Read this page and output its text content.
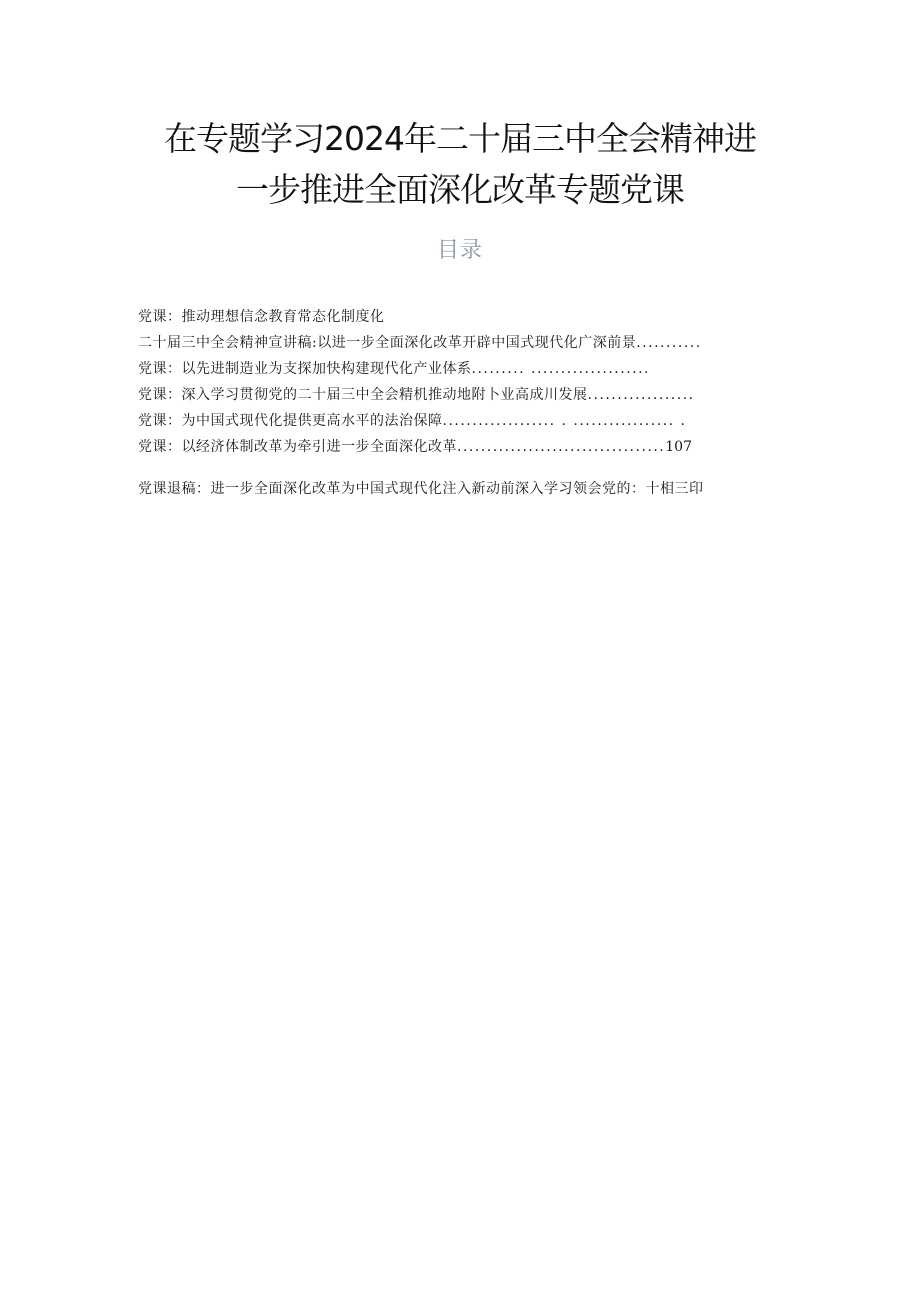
在专题学习2024年二十届三中全会精神进
一步推进全面深化改革专题党课
目录
党课：推动理想信念教育常态化制度化
二十届三中全会精神宣讲稿:以进一步全面深化改革开辟中国式现代化广深前景...........
党课：以先进制造业为支探加快构建现代化产业体系......... ....................
党课：深入学习贯彻党的二十届三中全会精机推动地附卜业高成川发展..................
党课：为中国式现代化提供更高水平的法治保障................... . ................. .
党课：以经济体制改革为牵引进一步全面深化改革...................................107
党课退稿：进一步全面深化改革为中国式现代化注入新动前深入学习领会党的：十相三印
